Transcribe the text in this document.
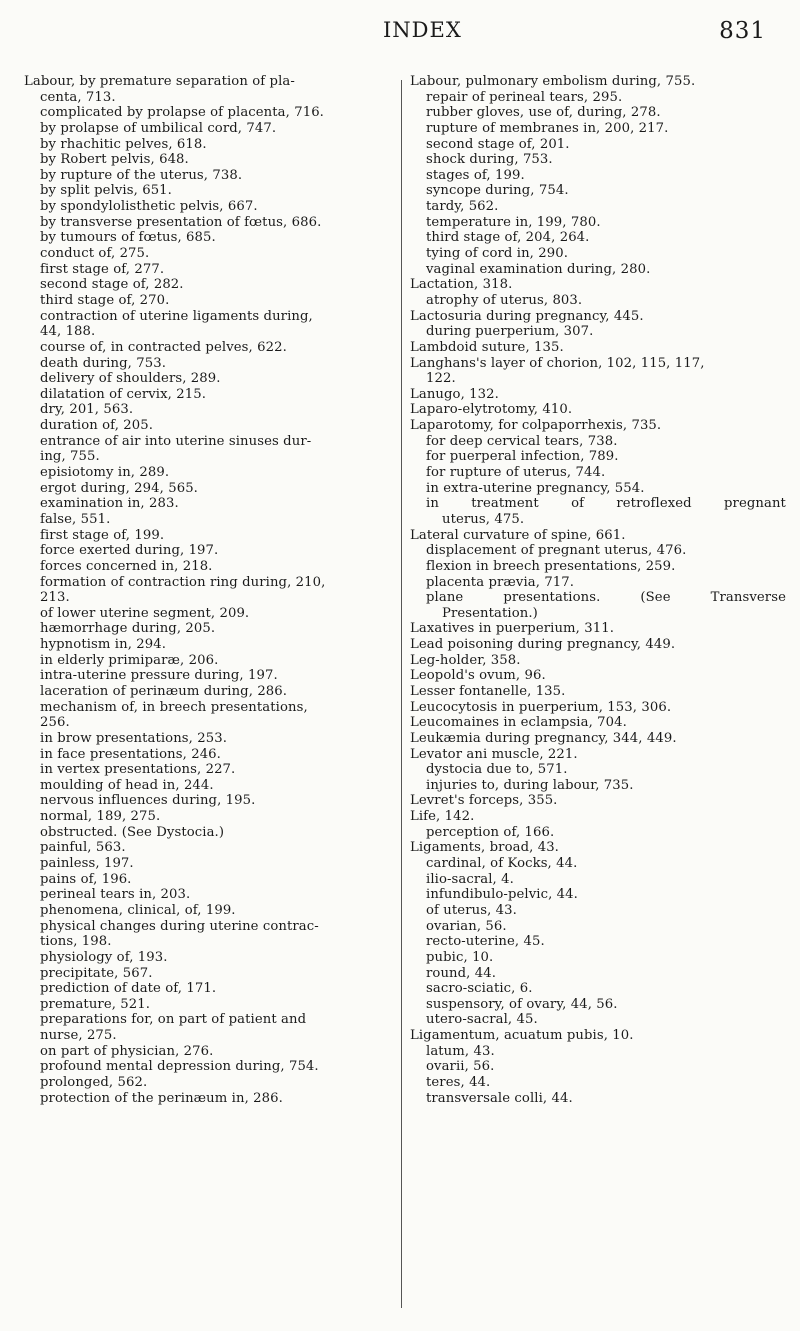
INDEX	831
Labour, by premature separation of pla-
centa, 713.
complicated by prolapse of placenta, 716.
by prolapse of umbilical cord, 747.
by rhachitic pelves, 618.
by Robert pelvis, 648.
by rupture of the uterus, 738.
by split pelvis, 651.
by spondylolisthetic pelvis, 667.
by transverse presentation of fœtus, 686.
by tumours of fœtus, 685.
conduct of, 275.
first stage of, 277.
second stage of, 282.
third stage of, 270.
contraction of uterine ligaments during,
44, 188.
course of, in contracted pelves, 622.
death during, 753.
delivery of shoulders, 289.
dilatation of cervix, 215.
dry, 201, 563.
duration of, 205.
entrance of air into uterine sinuses dur-
ing, 755.
episiotomy in, 289.
ergot during, 294, 565.
examination in, 283.
false, 551.
first stage of, 199.
force exerted during, 197.
forces concerned in, 218.
formation of contraction ring during, 210,
213.
of lower uterine segment, 209.
hæmorrhage during, 205.
hypnotism in, 294.
in elderly primiparæ, 206.
intra-uterine pressure during, 197.
laceration of perinæum during, 286.
mechanism of, in breech presentations,
256.
in brow presentations, 253.
in face presentations, 246.
in vertex presentations, 227.
moulding of head in, 244.
nervous influences during, 195.
normal, 189, 275.
obstructed. (See Dystocia.)
painful, 563.
painless, 197.
pains of, 196.
perineal tears in, 203.
phenomena, clinical, of, 199.
physical changes during uterine contrac-
tions, 198.
physiology of, 193.
precipitate, 567.
prediction of date of, 171.
premature, 521.
preparations for, on part of patient and
nurse, 275.
on part of physician, 276.
profound mental depression during, 754.
prolonged, 562.
protection of the perinæum in, 286.
Labour, pulmonary embolism during, 755.
repair of perineal tears, 295.
rubber gloves, use of, during, 278.
rupture of membranes in, 200, 217.
second stage of, 201.
shock during, 753.
stages of, 199.
syncope during, 754.
tardy, 562.
temperature in, 199, 780.
third stage of, 204, 264.
tying of cord in, 290.
vaginal examination during, 280.
Lactation, 318.
atrophy of uterus, 803.
Lactosuria during pregnancy, 445.
during puerperium, 307.
Lambdoid suture, 135.
Langhans's layer of chorion, 102, 115, 117,
122.
Lanugo, 132.
Laparo-elytrotomy, 410.
Laparotomy, for colpaporrhexis, 735.
for deep cervical tears, 738.
for puerperal infection, 789.
for rupture of uterus, 744.
in extra-uterine pregnancy, 554.
in treatment of retroflexed pregnant
uterus, 475.
Lateral curvature of spine, 661.
displacement of pregnant uterus, 476.
flexion in breech presentations, 259.
placenta prævia, 717.
plane	presentations.	(See	Transverse
Presentation.)
Laxatives in puerperium, 311.
Lead poisoning during pregnancy, 449.
Leg-holder, 358.
Leopold's ovum, 96.
Lesser fontanelle, 135.
Leucocytosis in puerperium, 153, 306.
Leucomaines in eclampsia, 704.
Leukæmia during pregnancy, 344, 449.
Levator ani muscle, 221.
dystocia due to, 571.
injuries to, during labour, 735.
Levret's forceps, 355.
Life, 142.
perception of, 166.
Ligaments, broad, 43.
cardinal, of Kocks, 44.
ilio-sacral, 4.
infundibulo-pelvic, 44.
of uterus, 43.
ovarian, 56.
recto-uterine, 45.
pubic, 10.
round, 44.
sacro-sciatic, 6.
suspensory, of ovary, 44, 56.
utero-sacral, 45.
Ligamentum, acuatum pubis, 10.
latum, 43.
ovarii, 56.
teres, 44.
transversale colli, 44.
